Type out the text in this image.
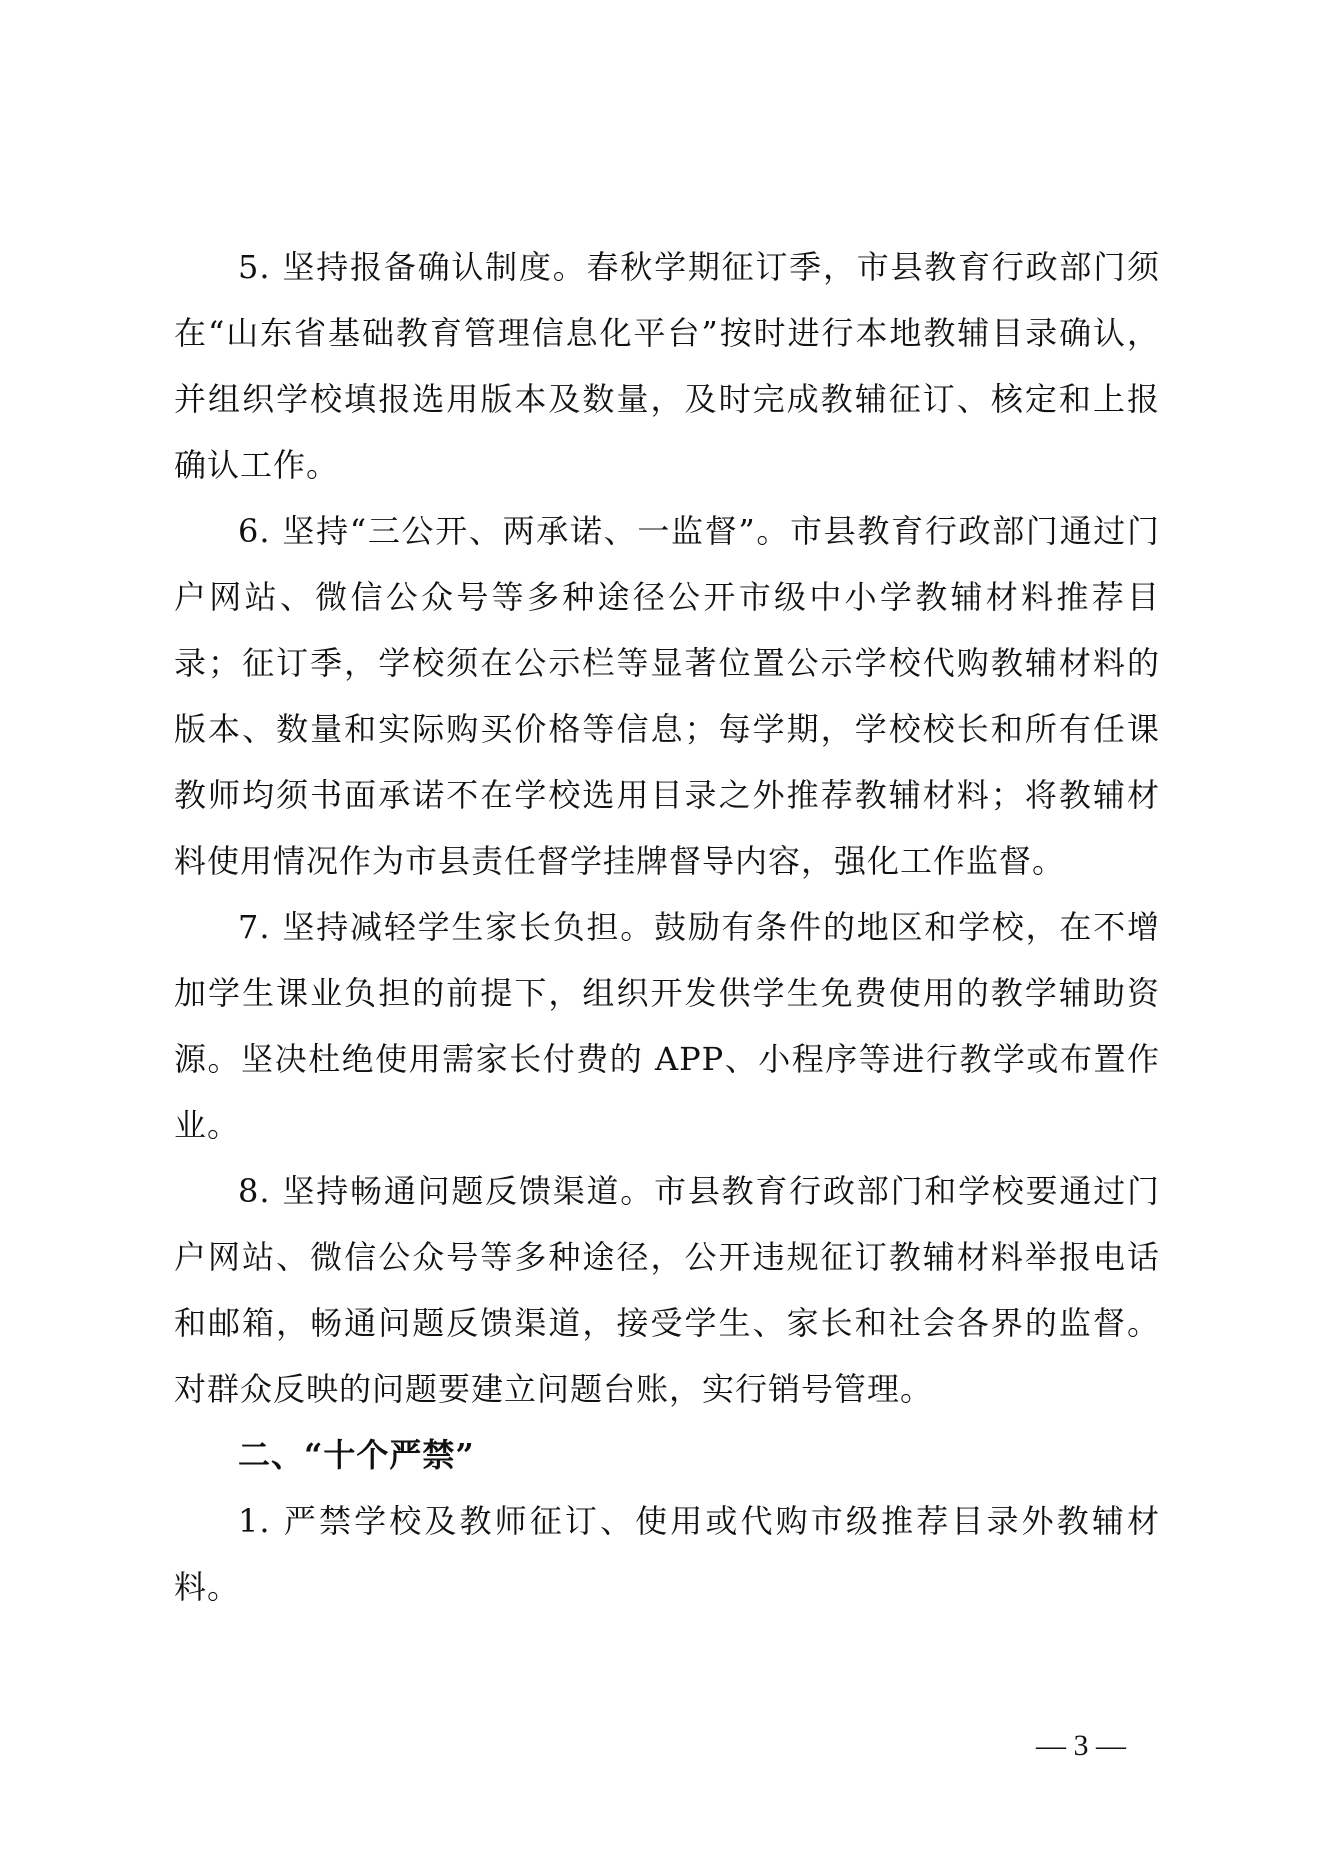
5. 坚持报备确认制度。春秋学期征订季，市县教育行政部门须在“山东省基础教育管理信息化平台”按时进行本地教辅目录确认，并组织学校填报选用版本及数量，及时完成教辅征订、核定和上报确认工作。

6. 坚持“三公开、两承诺、一监督”。市县教育行政部门通过门户网站、微信公众号等多种途径公开市级中小学教辅材料推荐目录；征订季，学校须在公示栏等显著位置公示学校代购教辅材料的版本、数量和实际购买价格等信息；每学期，学校校长和所有任课教师均须书面承诺不在学校选用目录之外推荐教辅材料；将教辅材料使用情况作为市县责任督学挂牌督导内容，强化工作监督。

7. 坚持减轻学生家长负担。鼓励有条件的地区和学校，在不增加学生课业负担的前提下，组织开发供学生免费使用的教学辅助资源。坚决杜绝使用需家长付费的 APP、小程序等进行教学或布置作业。

8. 坚持畅通问题反馈渠道。市县教育行政部门和学校要通过门户网站、微信公众号等多种途径，公开违规征订教辅材料举报电话和邮箱，畅通问题反馈渠道，接受学生、家长和社会各界的监督。对群众反映的问题要建立问题台账，实行销号管理。

二、“十个严禁”

1. 严禁学校及教师征订、使用或代购市级推荐目录外教辅材料。

— 3 —
